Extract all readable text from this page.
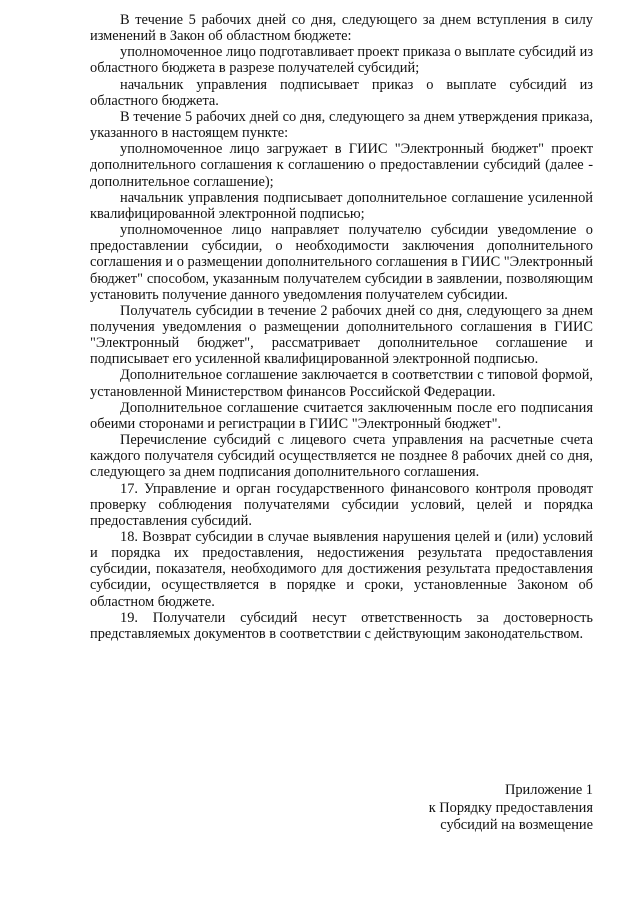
В течение 5 рабочих дней со дня, следующего за днем вступления в силу изменений в Закон об областном бюджете:

уполномоченное лицо подготавливает проект приказа о выплате субсидий из областного бюджета в разрезе получателей субсидий;

начальник управления подписывает приказ о выплате субсидий из областного бюджета.

В течение 5 рабочих дней со дня, следующего за днем утверждения приказа, указанного в настоящем пункте:

уполномоченное лицо загружает в ГИИС "Электронный бюджет" проект дополнительного соглашения к соглашению о предоставлении субсидий (далее - дополнительное соглашение);

начальник управления подписывает дополнительное соглашение усиленной квалифицированной электронной подписью;

уполномоченное лицо направляет получателю субсидии уведомление о предоставлении субсидии, о необходимости заключения дополнительного соглашения и о размещении дополнительного соглашения в ГИИС "Электронный бюджет" способом, указанным получателем субсидии в заявлении, позволяющим установить получение данного уведомления получателем субсидии.

Получатель субсидии в течение 2 рабочих дней со дня, следующего за днем получения уведомления о размещении дополнительного соглашения в ГИИС "Электронный бюджет", рассматривает дополнительное соглашение и подписывает его усиленной квалифицированной электронной подписью.

Дополнительное соглашение заключается в соответствии с типовой формой, установленной Министерством финансов Российской Федерации.

Дополнительное соглашение считается заключенным после его подписания обеими сторонами и регистрации в ГИИС "Электронный бюджет".

Перечисление субсидий с лицевого счета управления на расчетные счета каждого получателя субсидий осуществляется не позднее 8 рабочих дней со дня, следующего за днем подписания дополнительного соглашения.

17. Управление и орган государственного финансового контроля проводят проверку соблюдения получателями субсидии условий, целей и порядка предоставления субсидий.

18. Возврат субсидии в случае выявления нарушения целей и (или) условий и порядка их предоставления, недостижения результата предоставления субсидии, показателя, необходимого для достижения результата предоставления субсидии, осуществляется в порядке и сроки, установленные Законом об областном бюджете.

19. Получатели субсидий несут ответственность за достоверность представляемых документов в соответствии с действующим законодательством.

Приложение 1
к Порядку предоставления
субсидий на возмещение
